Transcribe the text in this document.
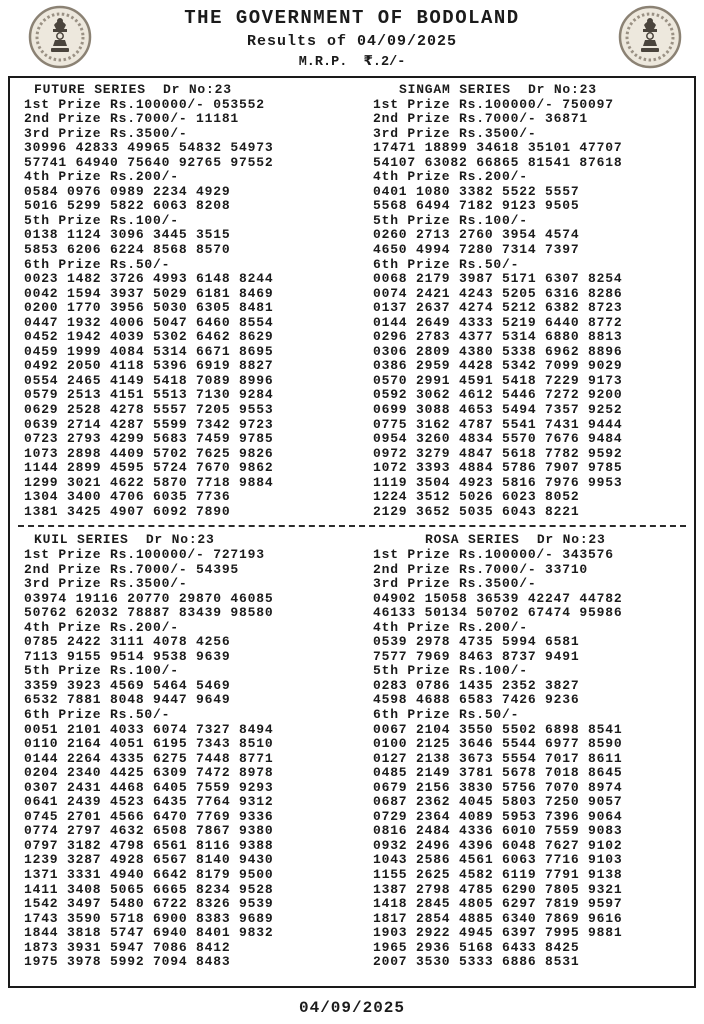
THE GOVERNMENT OF BODOLAND
Results of 04/09/2025
M.R.P.  ₹.2/-
FUTURE SERIES  Dr No:23
1st Prize Rs.100000/- 053552
2nd Prize Rs.7000/- 11181
3rd Prize Rs.3500/-
30996 42833 49965 54832 54973
57741 64940 75640 92765 97552
4th Prize Rs.200/-
0584 0976 0989 2234 4929
5016 5299 5822 6063 8208
5th Prize Rs.100/-
0138 1124 3096 3445 3515
5853 6206 6224 8568 8570
6th Prize Rs.50/-
0023 1482 3726 4993 6148 8244
0042 1594 3937 5029 6181 8469
0200 1770 3956 5030 6305 8481
0447 1932 4006 5047 6460 8554
0452 1942 4039 5302 6462 8629
0459 1999 4084 5314 6671 8695
0492 2050 4118 5396 6919 8827
0554 2465 4149 5418 7089 8996
0579 2513 4151 5513 7130 9284
0629 2528 4278 5557 7205 9553
0639 2714 4287 5599 7342 9723
0723 2793 4299 5683 7459 9785
1073 2898 4409 5702 7625 9826
1144 2899 4595 5724 7670 9862
1299 3021 4622 5870 7718 9884
1304 3400 4706 6035 7736
1381 3425 4907 6092 7890
SINGAM SERIES  Dr No:23
1st Prize Rs.100000/- 750097
2nd Prize Rs.7000/- 36871
3rd Prize Rs.3500/-
17471 18899 34618 35101 47707
54107 63082 66865 81541 87618
4th Prize Rs.200/-
0401 1080 3382 5522 5557
5568 6494 7182 9123 9505
5th Prize Rs.100/-
0260 2713 2760 3954 4574
4650 4994 7280 7314 7397
6th Prize Rs.50/-
0068 2179 3987 5171 6307 8254
0074 2421 4243 5205 6316 8286
0137 2637 4274 5212 6382 8723
0144 2649 4333 5219 6440 8772
0296 2783 4377 5314 6880 8813
0306 2809 4380 5338 6962 8896
0386 2959 4428 5342 7099 9029
0570 2991 4591 5418 7229 9173
0592 3062 4612 5446 7272 9200
0699 3088 4653 5494 7357 9252
0775 3162 4787 5541 7431 9444
0954 3260 4834 5570 7676 9484
0972 3279 4847 5618 7782 9592
1072 3393 4884 5786 7907 9785
1119 3504 4923 5816 7976 9953
1224 3512 5026 6023 8052
2129 3652 5035 6043 8221
KUIL SERIES  Dr No:23
1st Prize Rs.100000/- 727193
2nd Prize Rs.7000/- 54395
3rd Prize Rs.3500/-
03974 19116 20770 29870 46085
50762 62032 78887 83439 98580
4th Prize Rs.200/-
0785 2422 3111 4078 4256
7113 9155 9514 9538 9639
5th Prize Rs.100/-
3359 3923 4569 5464 5469
6532 7881 8048 9447 9649
6th Prize Rs.50/-
0051 2101 4033 6074 7327 8494
0110 2164 4051 6195 7343 8510
0144 2264 4335 6275 7448 8771
0204 2340 4425 6309 7472 8978
0307 2431 4468 6405 7559 9293
0641 2439 4523 6435 7764 9312
0745 2701 4566 6470 7769 9336
0774 2797 4632 6508 7867 9380
0797 3182 4798 6561 8116 9388
1239 3287 4928 6567 8140 9430
1371 3331 4940 6642 8179 9500
1411 3408 5065 6665 8234 9528
1542 3497 5480 6722 8326 9539
1743 3590 5718 6900 8383 9689
1844 3818 5747 6940 8401 9832
1873 3931 5947 7086 8412
1975 3978 5992 7094 8483
ROSA SERIES  Dr No:23
1st Prize Rs.100000/- 343576
2nd Prize Rs.7000/- 33710
3rd Prize Rs.3500/-
04902 15058 36539 42247 44782
46133 50134 50702 67474 95986
4th Prize Rs.200/-
0539 2978 4735 5994 6581
7577 7969 8463 8737 9491
5th Prize Rs.100/-
0283 0786 1435 2352 3827
4598 4688 6583 7426 9236
6th Prize Rs.50/-
0067 2104 3550 5502 6898 8541
0100 2125 3646 5544 6977 8590
0127 2138 3673 5554 7017 8611
0485 2149 3781 5678 7018 8645
0679 2156 3830 5756 7070 8974
0687 2362 4045 5803 7250 9057
0729 2364 4089 5953 7396 9064
0816 2484 4336 6010 7559 9083
0932 2496 4396 6048 7627 9102
1043 2586 4561 6063 7716 9103
1155 2625 4582 6119 7791 9138
1387 2798 4785 6290 7805 9321
1418 2845 4805 6297 7819 9597
1817 2854 4885 6340 7869 9616
1903 2922 4945 6397 7995 9881
1965 2936 5168 6433 8425
2007 3530 5333 6886 8531
04/09/2025
